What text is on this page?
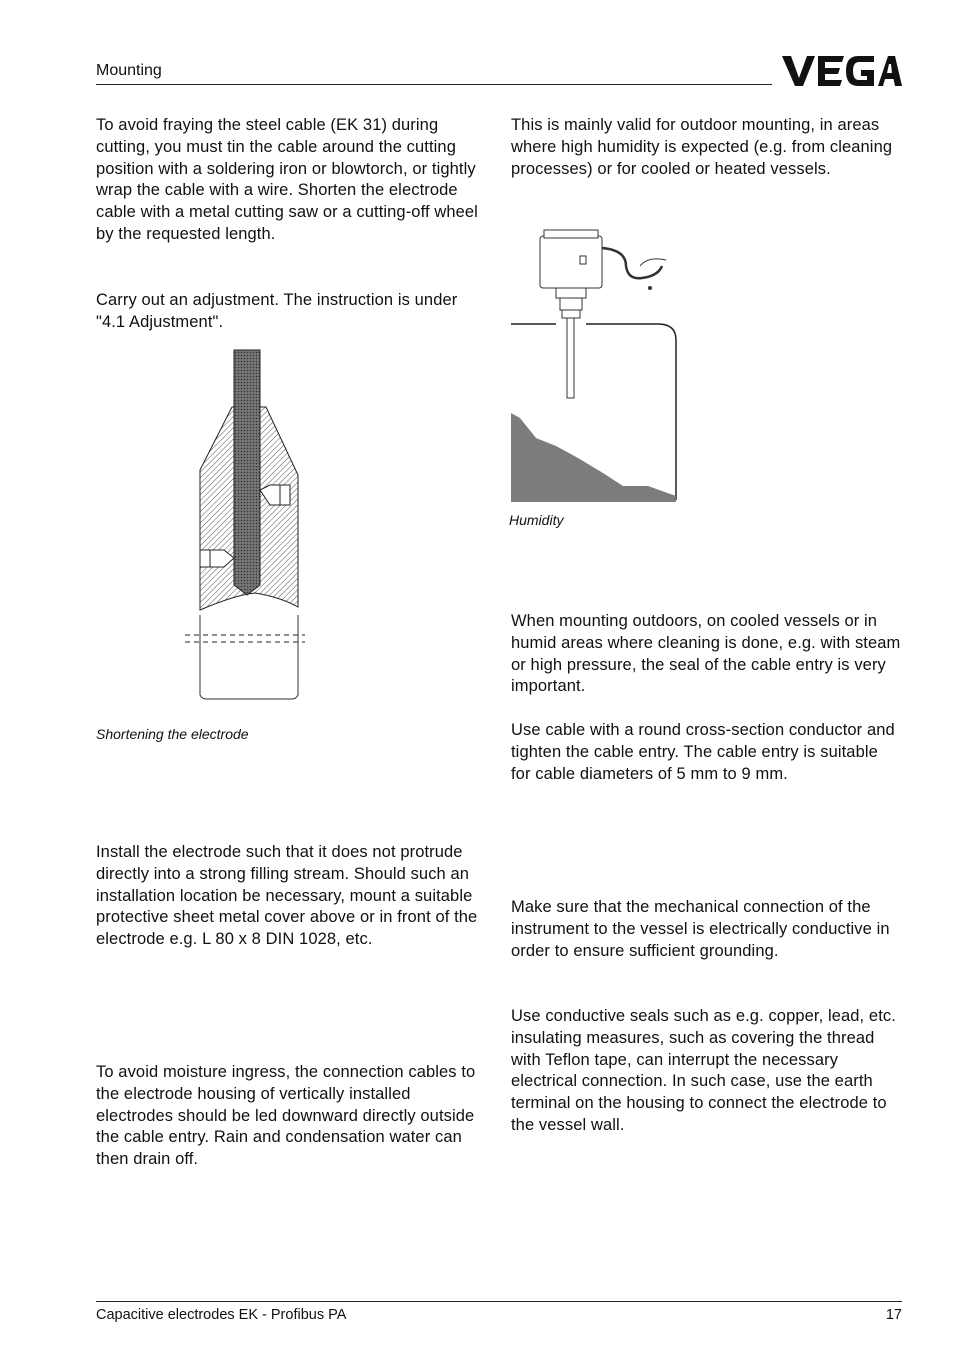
Mounting

To avoid fraying the steel cable (EK 31) during cutting, you must tin the cable around the cutting position with a soldering iron or blowtorch, or tightly wrap the cable with a wire. Shorten the electrode cable with a metal cutting saw or a cutting-off wheel by the requested length.

Carry out an adjustment. The instruction is under "4.1 Adjustment".

Shortening the electrode

Install the electrode such that it does not protrude directly into a strong filling stream. Should such an installation location be necessary, mount a suitable protective sheet metal cover above or in front of the electrode e.g. L 80 x 8 DIN 1028, etc.

To avoid moisture ingress, the connection cables to the electrode housing of vertically installed electrodes should be led downward directly outside the cable entry. Rain and condensation water can then drain off.

This is mainly valid for outdoor mounting, in areas where high humidity is expected (e.g. from cleaning processes) or for cooled or heated vessels.

Humidity

When mounting outdoors, on cooled vessels or in humid areas where cleaning is done, e.g. with steam or high pressure, the seal of the cable entry is very important.

Use cable with a round cross-section conductor and tighten the cable entry. The cable entry is suitable for cable diameters of 5 mm to 9 mm.

Make sure that the mechanical connection of the instrument to the vessel is electrically conductive in order to ensure sufficient grounding.

Use conductive seals such as e.g. copper, lead, etc. insulating measures, such as covering the thread with Teflon tape, can interrupt the necessary electrical connection. In such case, use the earth terminal on the housing to connect the electrode to the vessel wall.

Capacitive electrodes EK - Profibus PA	17
